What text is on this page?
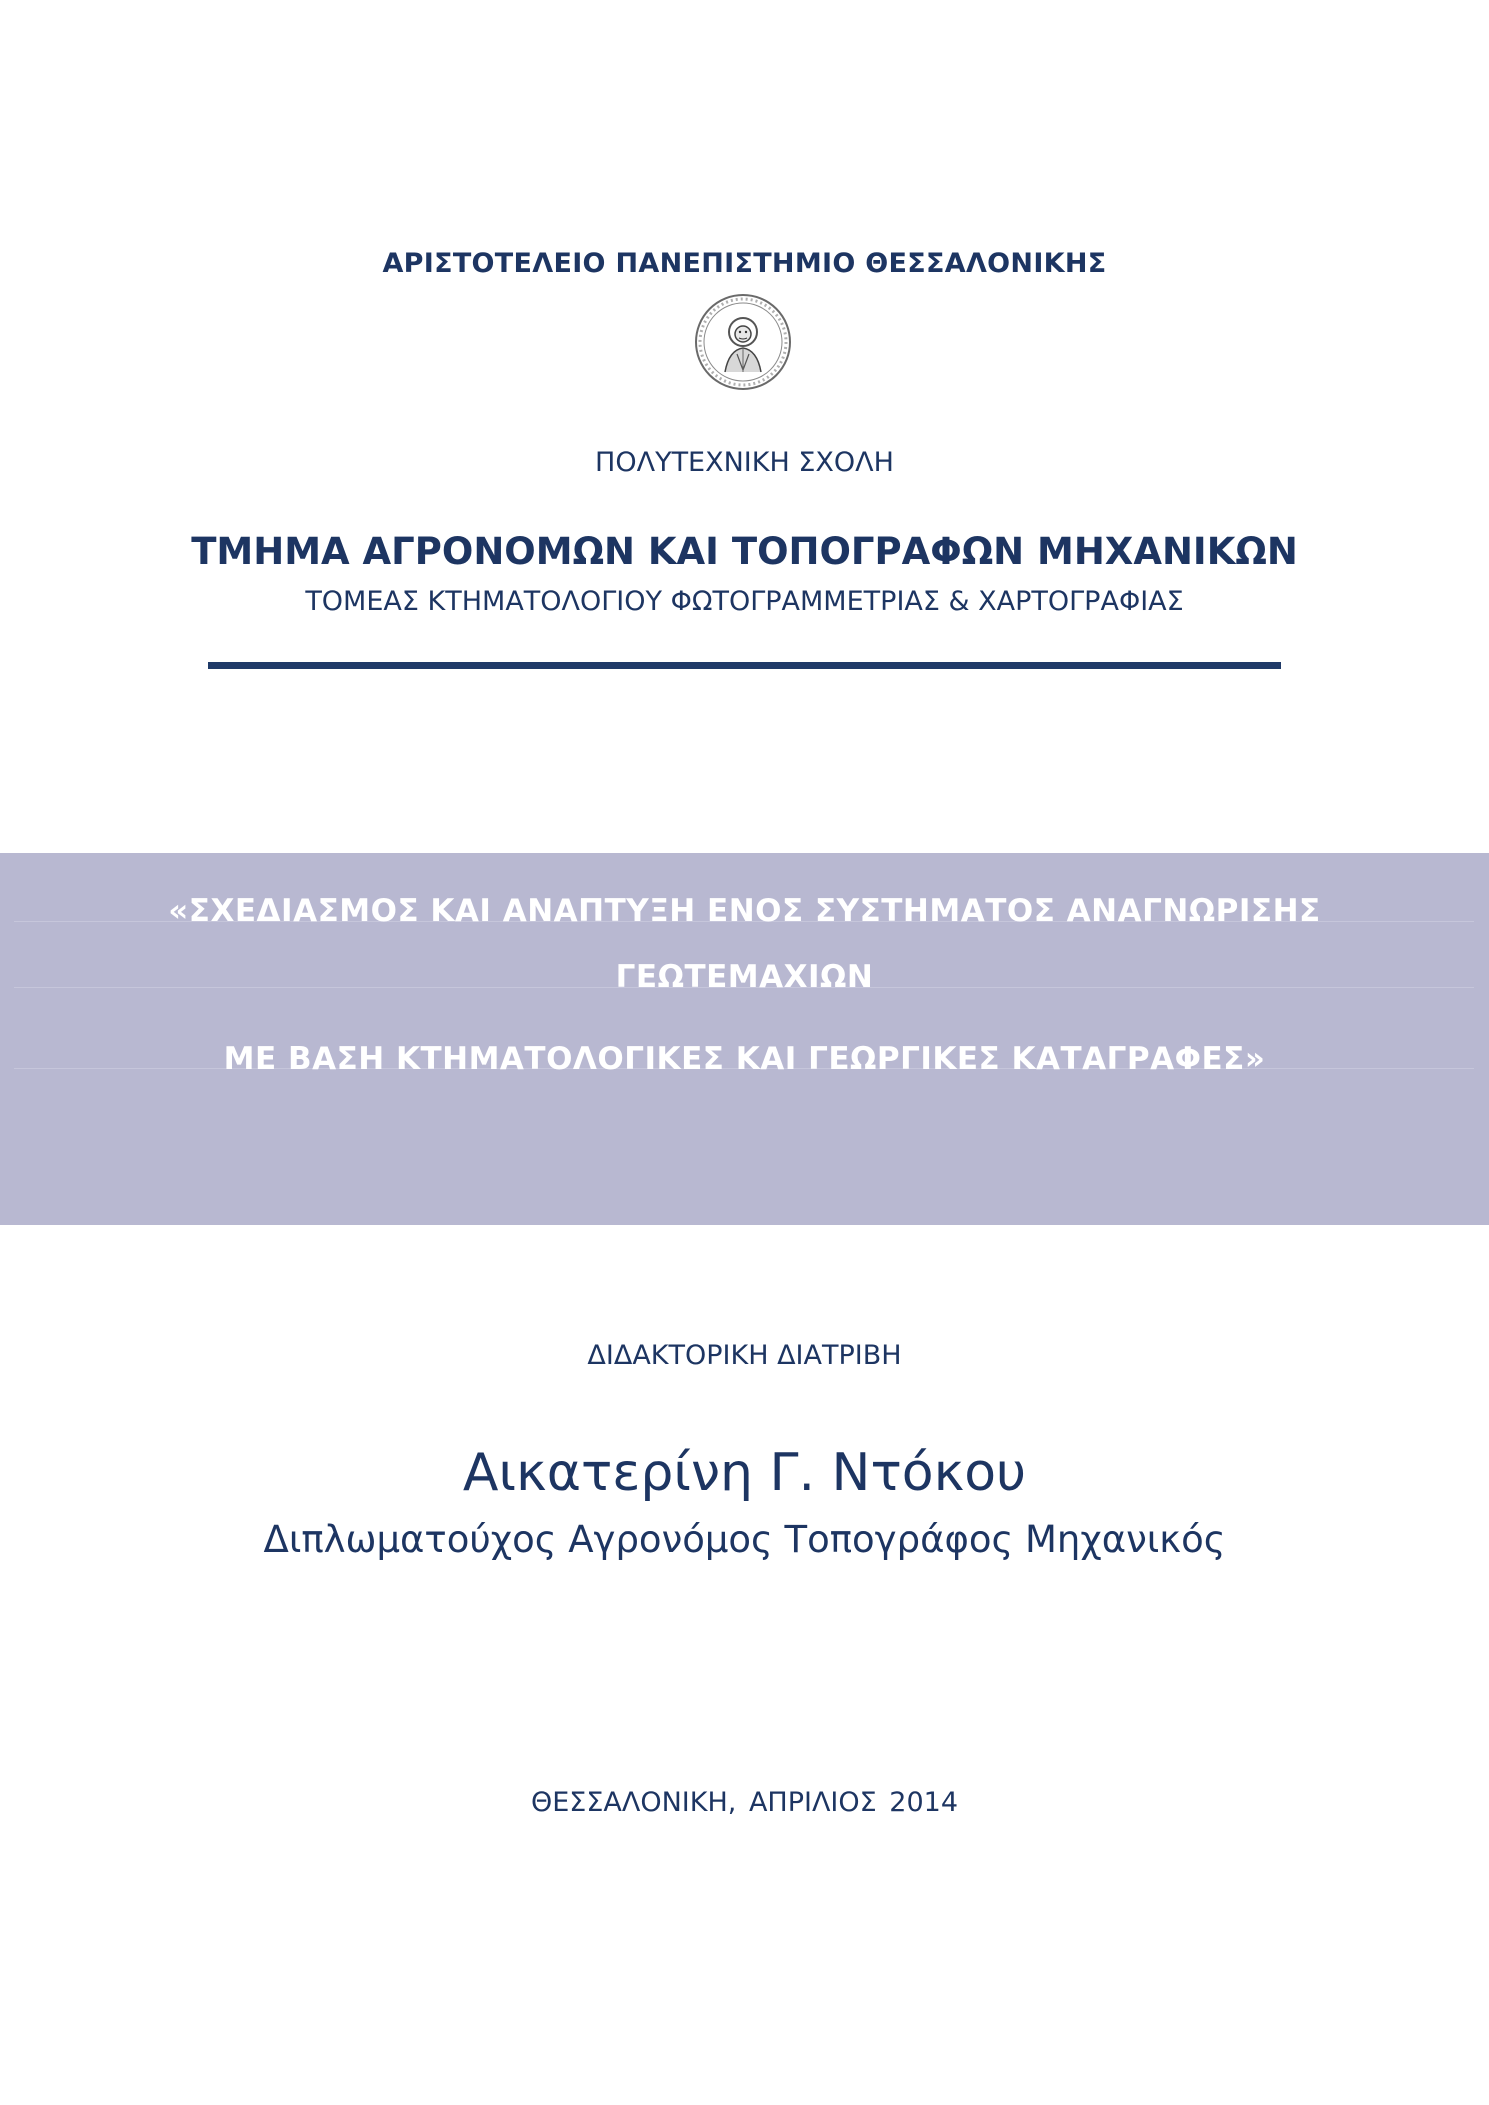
ΑΡΙΣΤΟΤΕΛΕΙΟ ΠΑΝΕΠΙΣΤΗΜΙΟ ΘΕΣΣΑΛΟΝΙΚΗΣ
ΠΟΛΥΤΕΧΝΙΚΗ ΣΧΟΛΗ
ΤΜΗΜΑ ΑΓΡΟΝΟΜΩΝ ΚΑΙ ΤΟΠΟΓΡΑΦΩΝ ΜΗΧΑΝΙΚΩΝ
ΤΟΜΕΑΣ ΚΤΗΜΑΤΟΛΟΓΙΟΥ ΦΩΤΟΓΡΑΜΜΕΤΡΙΑΣ & ΧΑΡΤΟΓΡΑΦΙΑΣ
«ΣΧΕΔΙΑΣΜΟΣ ΚΑΙ ΑΝΑΠΤΥΞΗ ΕΝΟΣ ΣΥΣΤΗΜΑΤΟΣ ΑΝΑΓΝΩΡΙΣΗΣ
ΓΕΩΤΕΜΑΧΙΩΝ
ΜΕ ΒΑΣΗ ΚΤΗΜΑΤΟΛΟΓΙΚΕΣ ΚΑΙ ΓΕΩΡΓΙΚΕΣ ΚΑΤΑΓΡΑΦΕΣ»
ΔΙΔΑΚΤΟΡΙΚΗ ΔΙΑΤΡΙΒΗ
Αικατερίνη Γ. Ντόκου
Διπλωματούχος Αγρονόμος Τοπογράφος Μηχανικός
ΘΕΣΣΑΛΟΝΙΚΗ, ΑΠΡΙΛΙΟΣ 2014
